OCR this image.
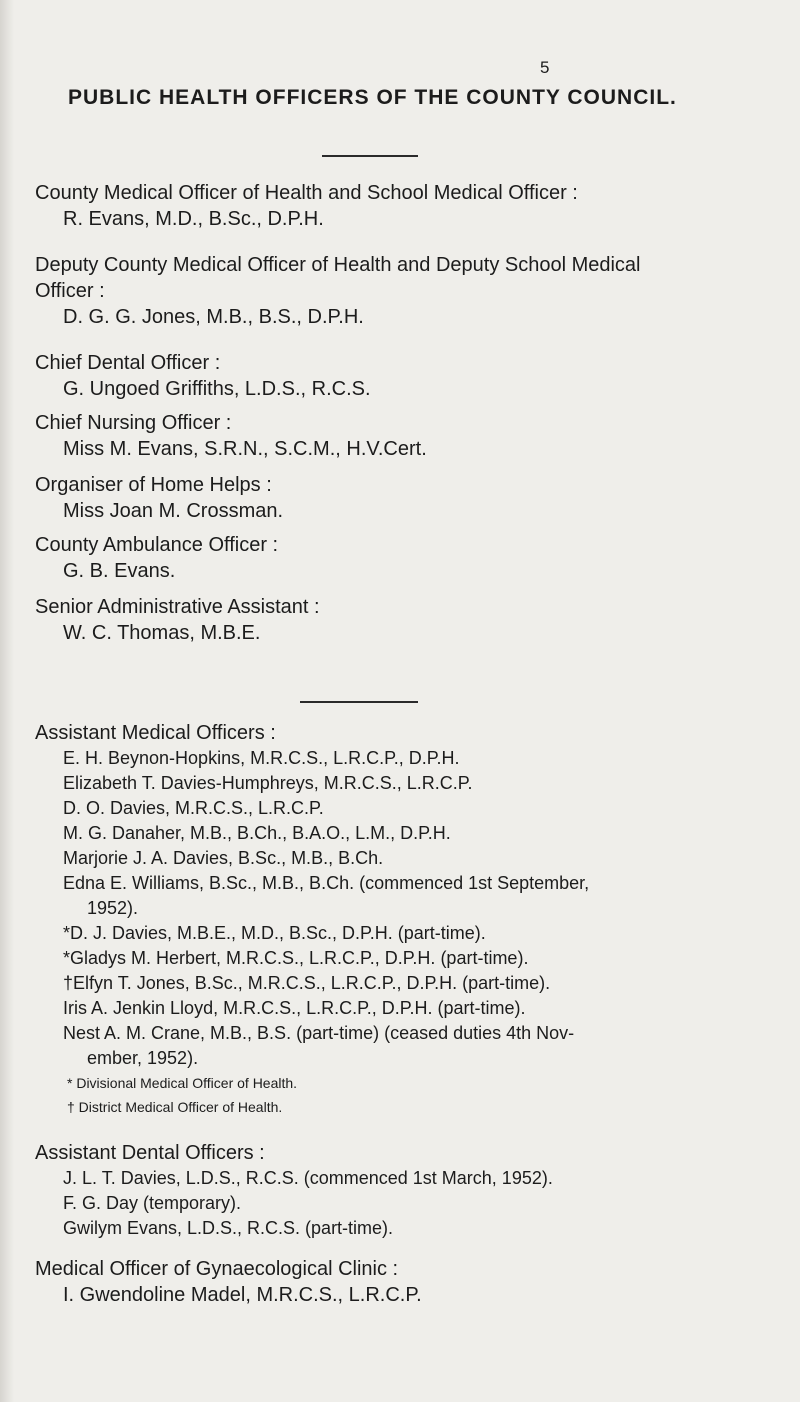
5
PUBLIC HEALTH OFFICERS OF THE COUNTY COUNCIL.
County Medical Officer of Health and School Medical Officer :
R. Evans, M.D., B.Sc., D.P.H.
Deputy County Medical Officer of Health and Deputy School Medical
Officer :
D. G. G. Jones, M.B., B.S., D.P.H.
Chief Dental Officer :
G. Ungoed Griffiths, L.D.S., R.C.S.
Chief Nursing Officer :
Miss M. Evans, S.R.N., S.C.M., H.V.Cert.
Organiser of Home Helps :
Miss Joan M. Crossman.
County Ambulance Officer :
G. B. Evans.
Senior Administrative Assistant :
W. C. Thomas, M.B.E.
Assistant Medical Officers :
E. H. Beynon-Hopkins, M.R.C.S., L.R.C.P., D.P.H.
Elizabeth T. Davies-Humphreys, M.R.C.S., L.R.C.P.
D. O. Davies, M.R.C.S., L.R.C.P.
M. G. Danaher, M.B., B.Ch., B.A.O., L.M., D.P.H.
Marjorie J. A. Davies, B.Sc., M.B., B.Ch.
Edna E. Williams, B.Sc., M.B., B.Ch. (commenced 1st September,
1952).
*D. J. Davies, M.B.E., M.D., B.Sc., D.P.H. (part-time).
*Gladys M. Herbert, M.R.C.S., L.R.C.P., D.P.H. (part-time).
†Elfyn T. Jones, B.Sc., M.R.C.S., L.R.C.P., D.P.H. (part-time).
Iris A. Jenkin Lloyd, M.R.C.S., L.R.C.P., D.P.H. (part-time).
Nest A. M. Crane, M.B., B.S. (part-time) (ceased duties 4th Nov-
ember, 1952).
* Divisional Medical Officer of Health.
† District Medical Officer of Health.
Assistant Dental Officers :
J. L. T. Davies, L.D.S., R.C.S. (commenced 1st March, 1952).
F. G. Day (temporary).
Gwilym Evans, L.D.S., R.C.S. (part-time).
Medical Officer of Gynaecological Clinic :
I. Gwendoline Madel, M.R.C.S., L.R.C.P.
